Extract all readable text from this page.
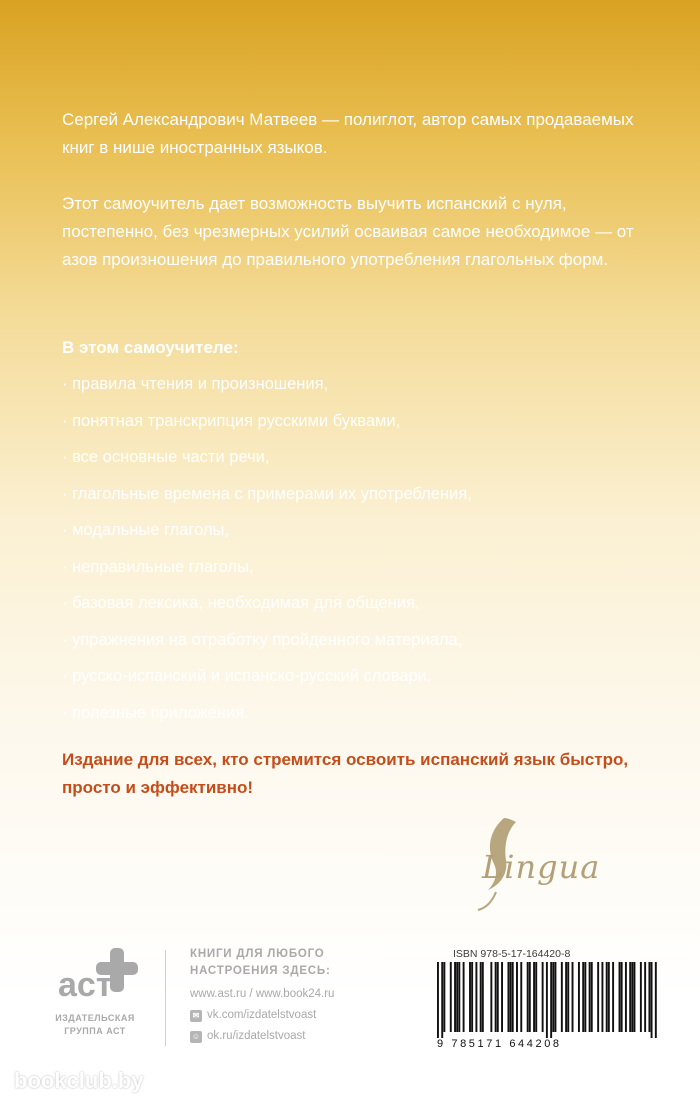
Сергей Александрович Матвеев — полиглот, автор самых продаваемых книг в нише иностранных языков.
Этот самоучитель дает возможность выучить испанский с нуля, постепенно, без чрезмерных усилий осваивая самое необходимое — от азов произношения до правильного употребления глагольных форм.
В этом самоучителе:
· правила чтения и произношения,
· понятная транскрипция русскими буквами,
· все основные части речи,
· глагольные времена с примерами их употребления,
· модальные глаголы,
· неправильные глаголы,
· базовая лексика, необходимая для общения,
· упражнения на отработку пройденного материала,
· русско-испанский и испанско-русский словари,
· полезные приложения.
Издание для всех, кто стремится освоить испанский язык быстро, просто и эффективно!
Lingua
аст
ИЗДАТЕЛЬСКАЯ
ГРУППА АСТ
КНИГИ ДЛЯ ЛЮБОГО
НАСТРОЕНИЯ ЗДЕСЬ:
www.ast.ru / www.book24.ru
✉ vk.com/izdatelstvoast
☺ ok.ru/izdatelstvoast
ISBN 978-5-17-164420-8
9 785171 644208
bookclub.by
